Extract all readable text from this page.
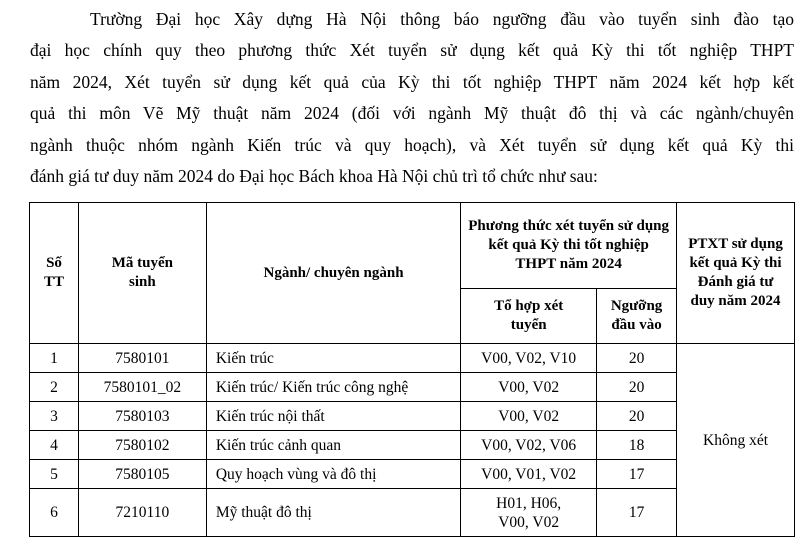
Trường Đại học Xây dựng Hà Nội thông báo ngưỡng đầu vào tuyển sinh đào tạo
đại học chính quy theo phương thức Xét tuyển sử dụng kết quả Kỳ thi tốt nghiệp THPT
năm 2024, Xét tuyển sử dụng kết quả của Kỳ thi tốt nghiệp THPT năm 2024 kết hợp kết
quả thi môn Vẽ Mỹ thuật năm 2024 (đối với ngành Mỹ thuật đô thị và các ngành/chuyên
ngành thuộc nhóm ngành Kiến trúc và quy hoạch), và Xét tuyển sử dụng kết quả Kỳ thi
đánh giá tư duy năm 2024 do Đại học Bách khoa Hà Nội chủ trì tổ chức như sau:
Số TT	Mã tuyển sinh	Ngành/ chuyên ngành	Phương thức xét tuyển sử dụng kết quả Kỳ thi tốt nghiệp THPT năm 2024		PTXT sử dụng kết quả Kỳ thi Đánh giá tư duy năm 2024
			Tổ hợp xét tuyển	Ngưỡng đầu vào	
1	7580101	Kiến trúc	V00, V02, V10	20	Không xét
2	7580101_02	Kiến trúc/ Kiến trúc công nghệ	V00, V02	20	
3	7580103	Kiến trúc nội thất	V00, V02	20	
4	7580102	Kiến trúc cảnh quan	V00, V02, V06	18	
5	7580105	Quy hoạch vùng và đô thị	V00, V01, V02	17	
6	7210110	Mỹ thuật đô thị	H01, H06, V00, V02	17	
